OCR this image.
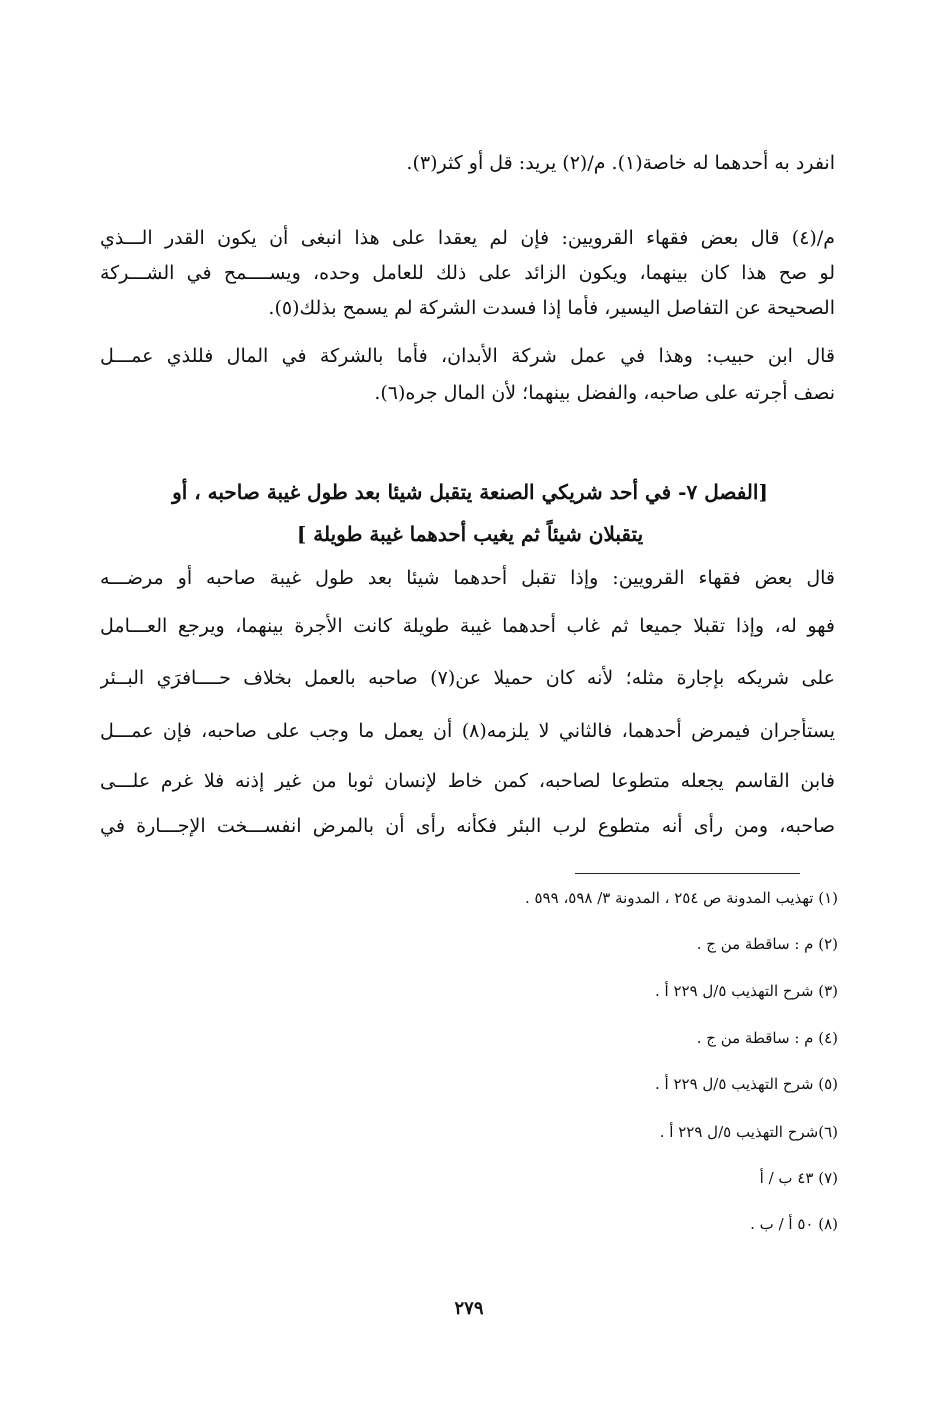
انفرد به أحدهما له خاصة(١). م/(٢) يريد: قل أو كثر(٣).
م/(٤) قال بعض فقهاء القرويين: فإن لم يعقدا على هذا انبغى أن يكون القدر الـــذي
لو صح هذا كان بينهما، ويكون الزائد على ذلك للعامل وحده، ويســــمح في الشـــركة
الصحيحة عن التفاصل اليسير، فأما إذا فسدت الشركة لم يسمح بذلك(٥).
قال ابن حبيب: وهذا في عمل شركة الأبدان، فأما بالشركة في المال فللذي عمـــل
نصف أجرته على صاحبه، والفضل بينهما؛ لأن المال جره(٦).
[الفصل ٧- في أحد شريكي الصنعة يتقبل شيئا بعد طول غيبة صاحبه ، أو
يتقبلان شيئاً ثم يغيب أحدهما غيبة طويلة ]
قال بعض فقهاء القرويين: وإذا تقبل أحدهما شيئا بعد طول غيبة صاحبه أو مرضـــه
فهو له، وإذا تقبلا جميعا ثم غاب أحدهما غيبة طويلة كانت الأجرة بينهما، ويرجع العـــامل
على شريكه بإجارة مثله؛ لأنه كان حميلا عن(٧) صاحبه بالعمل بخلاف حــــافرَي البــئر
يستأجران فيمرض أحدهما، فالثاني لا يلزمه(٨) أن يعمل ما وجب على صاحبه، فإن عمـــل
فابن القاسم يجعله متطوعا لصاحبه، كمن خاط لإنسان ثوبا من غير إذنه فلا غرم علـــى
صاحبه، ومن رأى أنه متطوع لرب البئر فكأنه رأى أن بالمرض انفســـخت الإجـــارة في
(١) تهذيب المدونة ص ٢٥٤ ، المدونة ٣/ ٥٩٨، ٥٩٩ .
(٢) م : ساقطة من ج .
(٣) شرح التهذيب ٥/ل ٢٢٩ أ .
(٤) م : ساقطة من ج .
(٥) شرح التهذيب ٥/ل ٢٢٩ أ .
(٦)شرح التهذيب ٥/ل ٢٢٩ أ .
(٧) ٤٣ ب / أ
(٨) ٥٠ أ / ب .
٢٧٩
